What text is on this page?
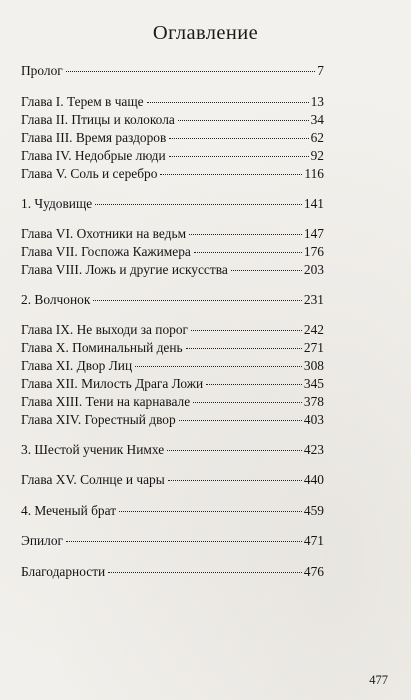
Оглавление
Пролог	7
Глава I. Терем в чаще	13
Глава II. Птицы и колокола	34
Глава III. Время раздоров	62
Глава IV. Недобрые люди	92
Глава V. Соль и серебро	116
1. Чудовище	141
Глава VI. Охотники на ведьм	147
Глава VII. Госпожа Кажимера	176
Глава VIII. Ложь и другие искусства	203
2. Волчонок	231
Глава IX. Не выходи за порог	242
Глава X. Поминальный день	271
Глава XI. Двор Лиц	308
Глава XII. Милость Драга Ложи	345
Глава XIII. Тени на карнавале	378
Глава XIV. Горестный двор	403
3. Шестой ученик Нимхе	423
Глава XV. Солнце и чары	440
4. Меченый брат	459
Эпилог	471
Благодарности	476
477
